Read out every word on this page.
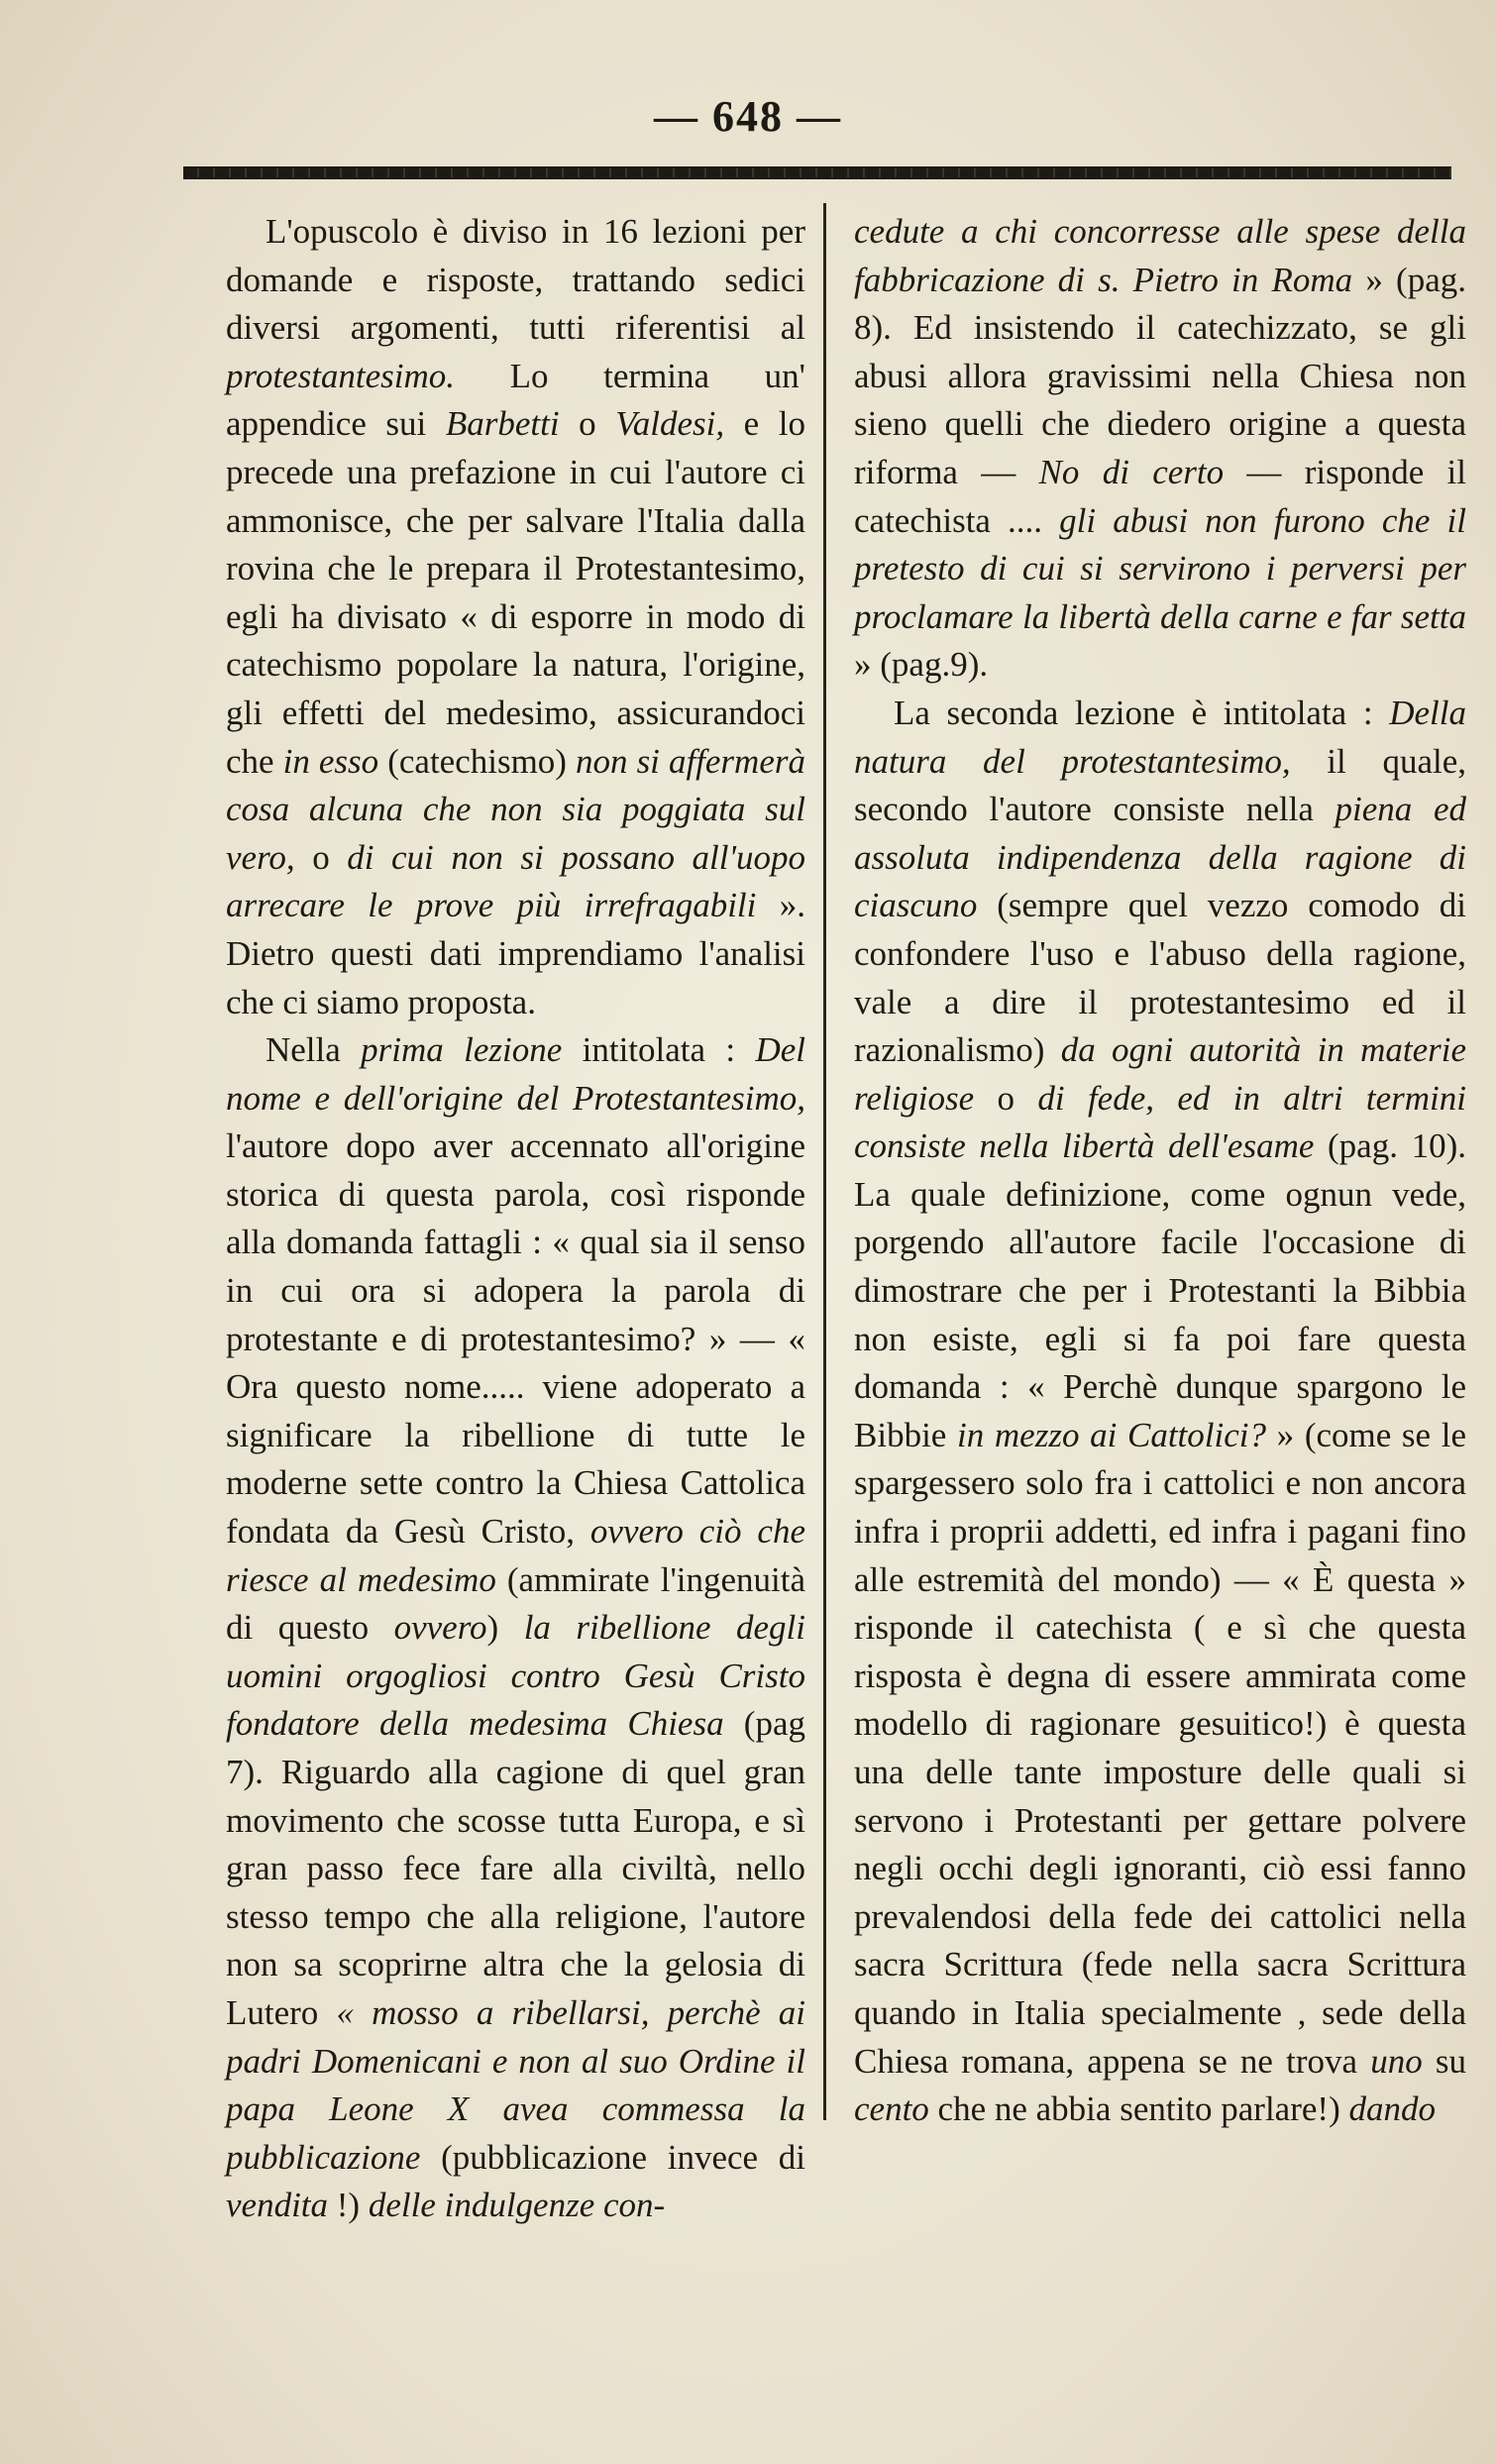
— 648 —

L'opuscolo è diviso in 16 lezioni per domande e risposte, trattando sedici diversi argomenti, tutti riferentisi al protestantesimo. Lo termina un' appendice sui Barbetti o Valdesi, e lo precede una prefazione in cui l'autore ci ammonisce, che per salvare l'Italia dalla rovina che le prepara il Protestantesimo, egli ha divisato « di esporre in modo di catechismo popolare la natura, l'origine, gli effetti del medesimo, assicurandoci che in esso (catechismo) non si affermerà cosa alcuna che non sia poggiata sul vero, o di cui non si possano all'uopo arrecare le prove più irrefragabili ». Dietro questi dati imprendiamo l'analisi che ci siamo proposta.

Nella prima lezione intitolata : Del nome e dell'origine del Protestantesimo, l'autore dopo aver accennato all'origine storica di questa parola, così risponde alla domanda fattagli : « qual sia il senso in cui ora si adopera la parola di protestante e di protestantesimo? » — « Ora questo nome..... viene adoperato a significare la ribellione di tutte le moderne sette contro la Chiesa Cattolica fondata da Gesù Cristo, ovvero ciò che riesce al medesimo (ammirate l'ingenuità di questo ovvero) la ribellione degli uomini orgogliosi contro Gesù Cristo fondatore della medesima Chiesa (pag 7). Riguardo alla cagione di quel gran movimento che scosse tutta Europa, e sì gran passo fece fare alla civiltà, nello stesso tempo che alla religione, l'autore non sa scoprirne altra che la gelosia di Lutero « mosso a ribellarsi, perchè ai padri Domenicani e non al suo Ordine il papa Leone X avea commessa la pubblicazione (pubblicazione invece di vendita !) delle indulgenze con-

cedute a chi concorresse alle spese della fabbricazione di s. Pietro in Roma » (pag. 8). Ed insistendo il catechizzato, se gli abusi allora gravissimi nella Chiesa non sieno quelli che diedero origine a questa riforma — No di certo — risponde il catechista .... gli abusi non furono che il pretesto di cui si servirono i perversi per proclamare la libertà della carne e far setta » (pag.9).

La seconda lezione è intitolata : Della natura del protestantesimo, il quale, secondo l'autore consiste nella piena ed assoluta indipendenza della ragione di ciascuno (sempre quel vezzo comodo di confondere l'uso e l'abuso della ragione, vale a dire il protestantesimo ed il razionalismo) da ogni autorità in materie religiose o di fede, ed in altri termini consiste nella libertà dell'esame (pag. 10). La quale definizione, come ognun vede, porgendo all'autore facile l'occasione di dimostrare che per i Protestanti la Bibbia non esiste, egli si fa poi fare questa domanda : « Perchè dunque spargono le Bibbie in mezzo ai Cattolici? » (come se le spargessero solo fra i cattolici e non ancora infra i proprii addetti, ed infra i pagani fino alle estremità del mondo) — « È questa » risponde il catechista ( e sì che questa risposta è degna di essere ammirata come modello di ragionare gesuitico!) è questa una delle tante imposture delle quali si servono i Protestanti per gettare polvere negli occhi degli ignoranti, ciò essi fanno prevalendosi della fede dei cattolici nella sacra Scrittura (fede nella sacra Scrittura quando in Italia specialmente , sede della Chiesa romana, appena se ne trova uno su cento che ne abbia sentito parlare!) dando
